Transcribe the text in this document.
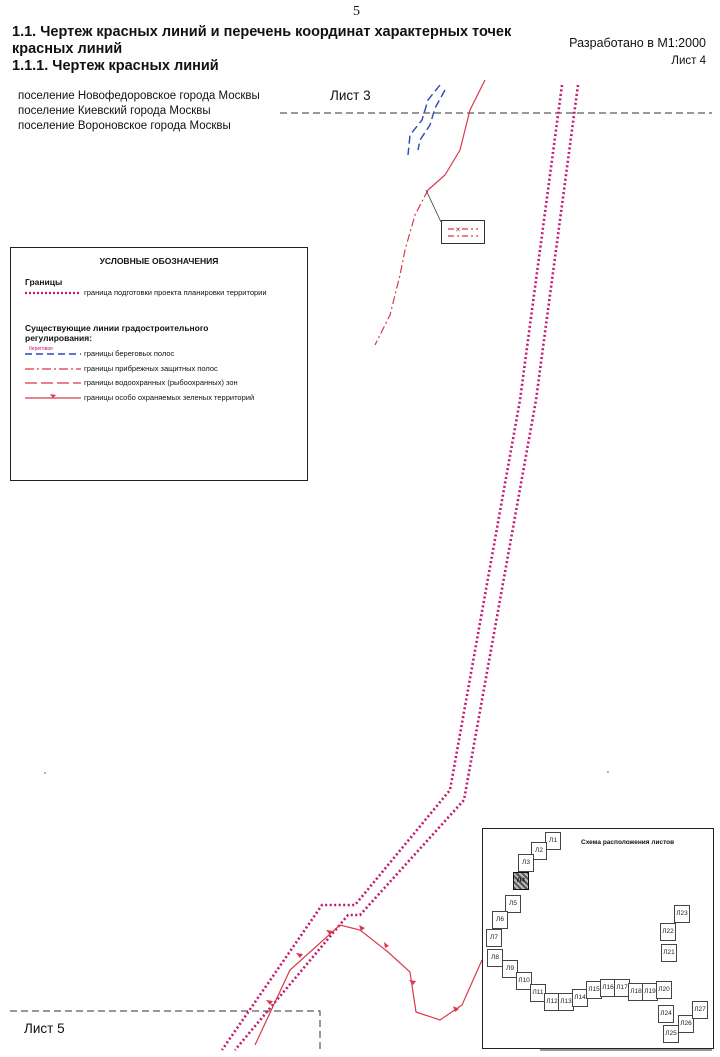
5
1.1. Чертеж красных линий и перечень координат характерных точек
красных линий
1.1.1. Чертеж красных линий
Разработано в М1:2000
Лист 4
поселение Новофедоровское города Москвы
поселение Киевский города Москвы
поселение Вороновское города Москвы
Лист 3
Лист 5
✕
УСЛОВНЫЕ ОБОЗНАЧЕНИЯ
Границы
граница подготовки проекта планировки территории
Существующие линии градостроительного регулирования:
береговая	границы береговых полос
границы прибрежных защитных полос
границы водоохранных (рыбоохранных) зон
границы особо охраняемых зеленых территорий
Схема расположения листов
Л1
Л2
Л3
Л4
Л5
Л6
Л7
Л8
Л9
Л10
Л11
Л12 Л13
Л14
Л15 Л16 Л17
Л18 Л19 Л20
Л21
Л22
Л23
Л24
Л25
Л26
Л27
